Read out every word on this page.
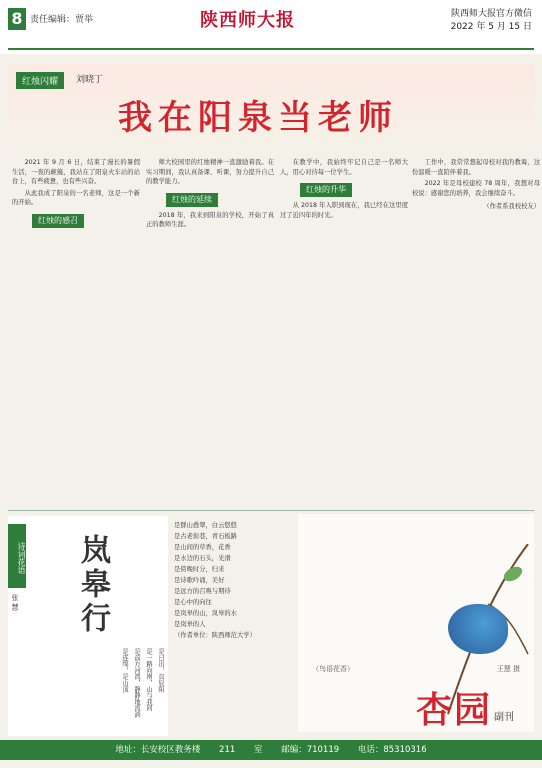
8 责任编辑：贾举	陕西师大报	陕西师大报官方微信
2022 年 5 月 15 日
红烛闪耀	刘晓丁
我在阳泉当老师

2021 年 9 月 6 日，结束了漫长的暑假生活，一夜的颠簸，我站在了阳泉火车站的站台上，有些疲惫，也有些兴奋。

从此我成了阳泉的一名老师，这是一个新的开始。

红烛的感召

师大校园里的红烛精神一直激励着我。在实习期间，我认真备课、听课，努力提升自己的教学能力。

红烛的延续

2018 年，我来到阳泉的学校，开始了真正的教师生涯。

在教学中，我始终牢记自己是一名师大人，用心对待每一位学生。

红烛的升华

从 2018 年入职到现在，我已经在这里度过了近四年的时光。

工作中，我常常想起母校对我的教诲，这份温暖一直陪伴着我。

2022 年是母校建校 78 周年，我想对母校说：感谢您的培养，我会继续奋斗。

（作者系我校校友）
诗词花语
张 慧 岚皋行
是日出，良辰阳
是一路向南，山与我同
是前方河流，静静地流淌
是连绵，是山顶
是群山叠翠，白云悠悠
是古老街巷，青石板路
是山间的草香，花香
是水边的石头，光滑
是傍晚时分，归来
是诗歌吟诵，美好
是远方的召唤与期待
是心中的向往
是岚皋的山，岚皋的水
是岚皋的人
（作者单位：陕西师范大学）
（鸟语花香）	王慧 摄
杏园 副刊
地址：长安校区教务楼 211 室 邮编：710119 电话：85310316
